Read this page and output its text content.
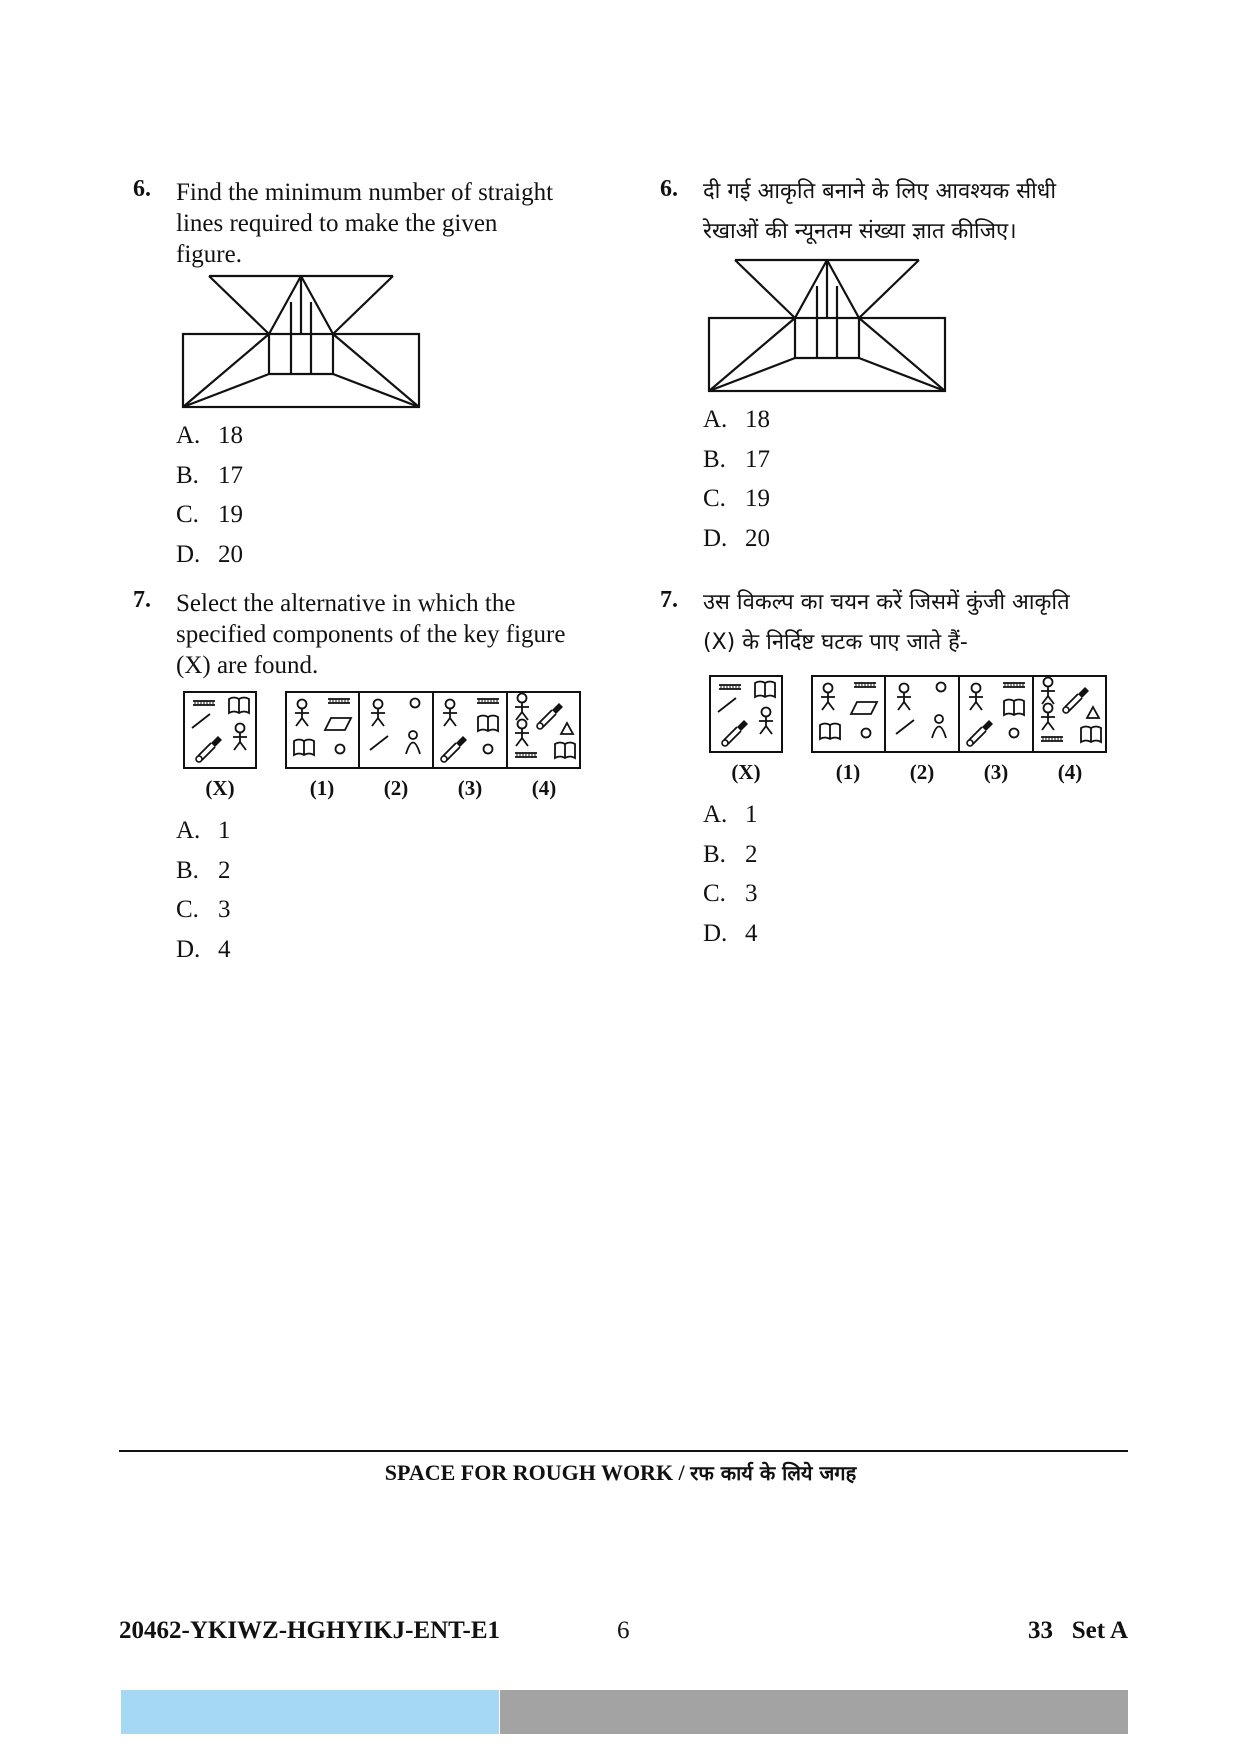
6. Find the minimum number of straight
lines required to make the given
figure.
A. 18
B. 17
C. 19
D. 20
7. Select the alternative in which the
specified components of the key figure
(X) are found.
(X)	(1)	(2)	(3)	(4)
A. 1
B. 2
C. 3
D. 4
6. दी गई आकृति बनाने के लिए आवश्यक सीधी
रेखाओं की न्यूनतम संख्या ज्ञात कीजिए।
A. 18
B. 17
C. 19
D. 20
7. उस विकल्प का चयन करें जिसमें कुंजी आकृति
(X) के निर्दिष्ट घटक पाए जाते हैं-
(X)	(1)	(2)	(3)	(4)
A. 1
B. 2
C. 3
D. 4
SPACE FOR ROUGH WORK / रफ कार्य के लिये जगह
20462-YKIWZ-HGHYIKJ-ENT-E1	6	33   Set A
